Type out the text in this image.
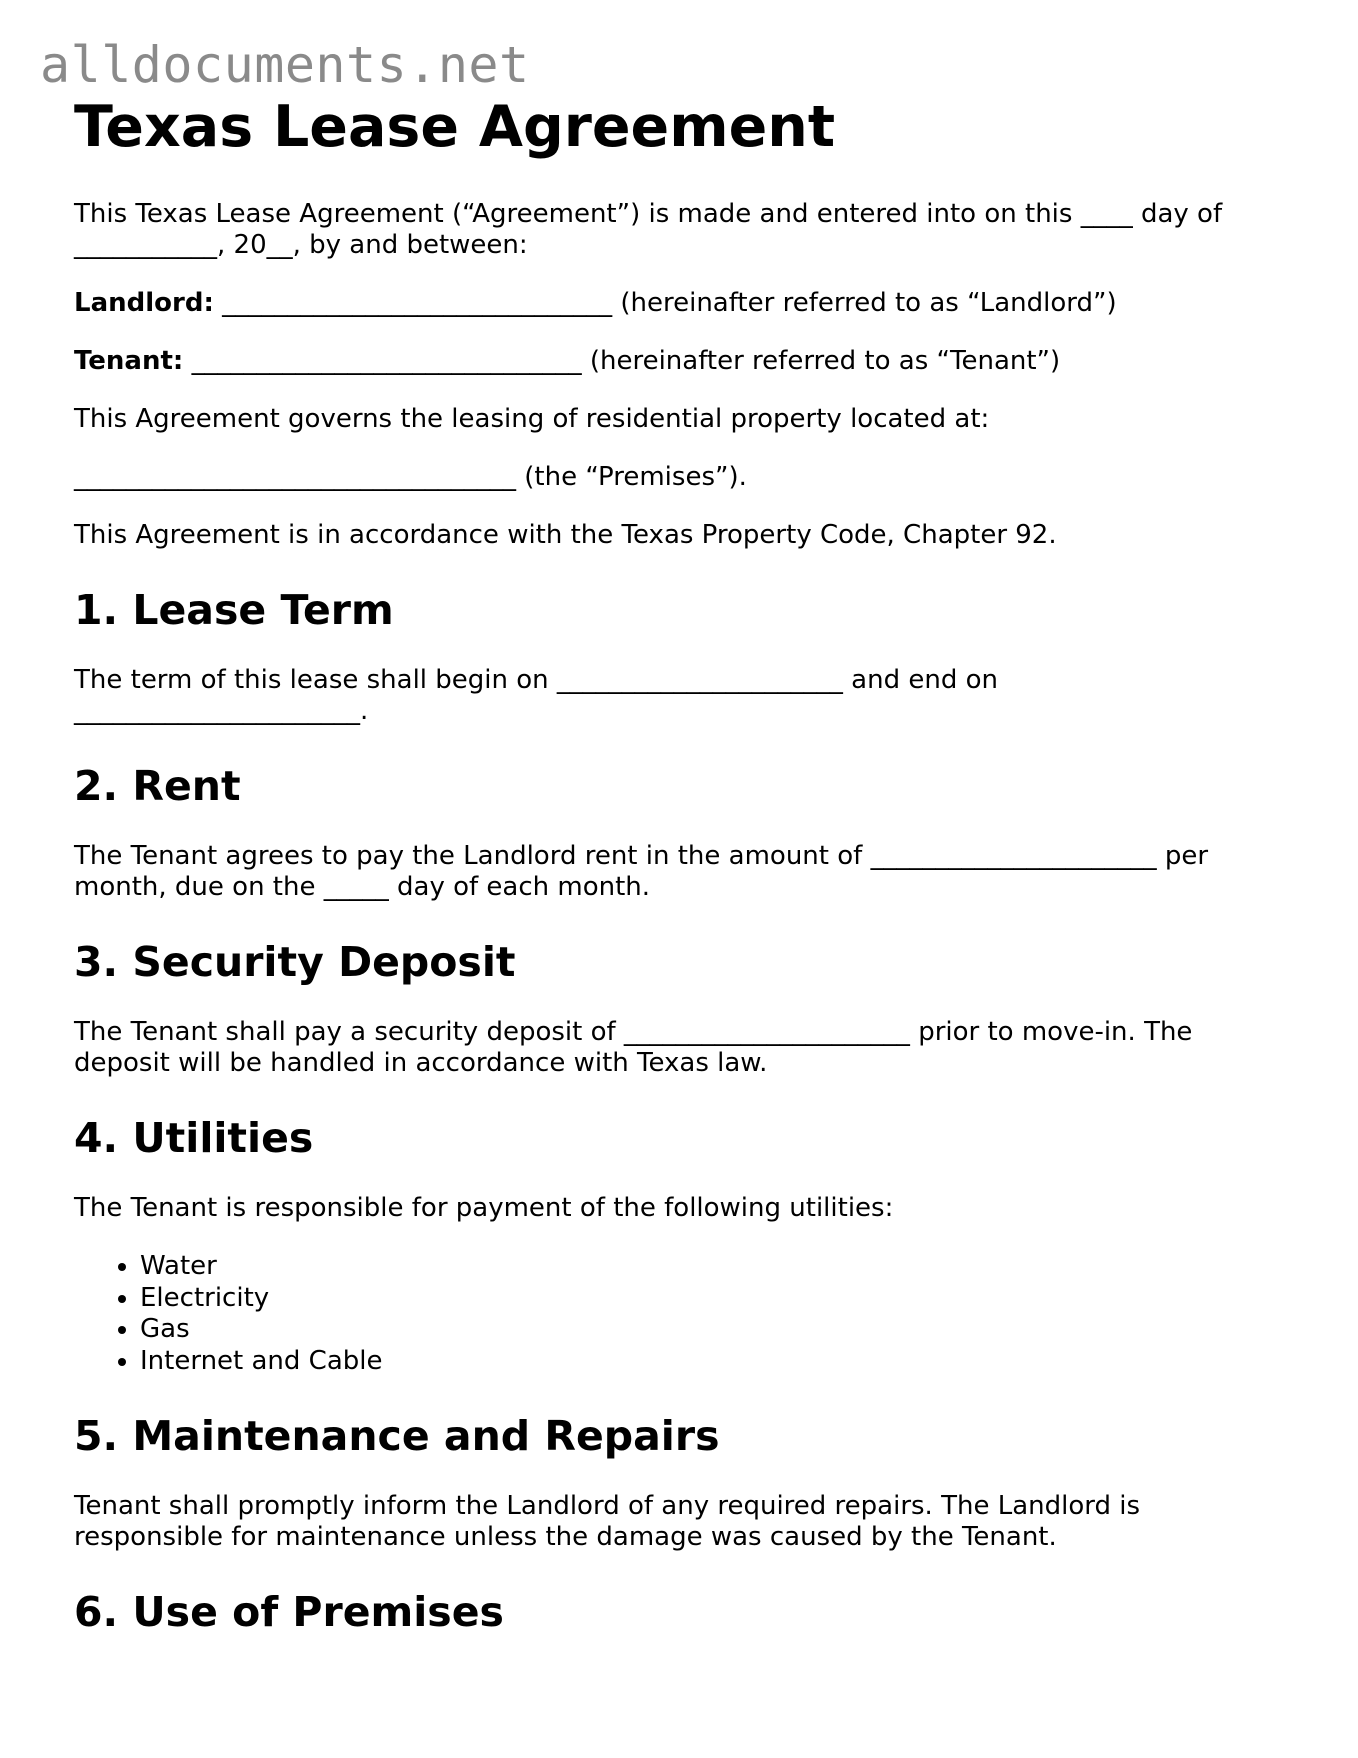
alldocuments.net
Texas Lease Agreement

This Texas Lease Agreement (“Agreement”) is made and entered into on this ____ day of
___________, 20__, by and between:

Landlord: ______________________________ (hereinafter referred to as “Landlord”)

Tenant: ______________________________ (hereinafter referred to as “Tenant”)

This Agreement governs the leasing of residential property located at:

__________________________________ (the “Premises”).

This Agreement is in accordance with the Texas Property Code, Chapter 92.

1. Lease Term

The term of this lease shall begin on ______________________ and end on
______________________.

2. Rent

The Tenant agrees to pay the Landlord rent in the amount of ______________________ per
month, due on the _____ day of each month.

3. Security Deposit

The Tenant shall pay a security deposit of ______________________ prior to move-in. The
deposit will be handled in accordance with Texas law.

4. Utilities

The Tenant is responsible for payment of the following utilities:

• Water
• Electricity
• Gas
• Internet and Cable
5. Maintenance and Repairs

Tenant shall promptly inform the Landlord of any required repairs. The Landlord is
responsible for maintenance unless the damage was caused by the Tenant.

6. Use of Premises
